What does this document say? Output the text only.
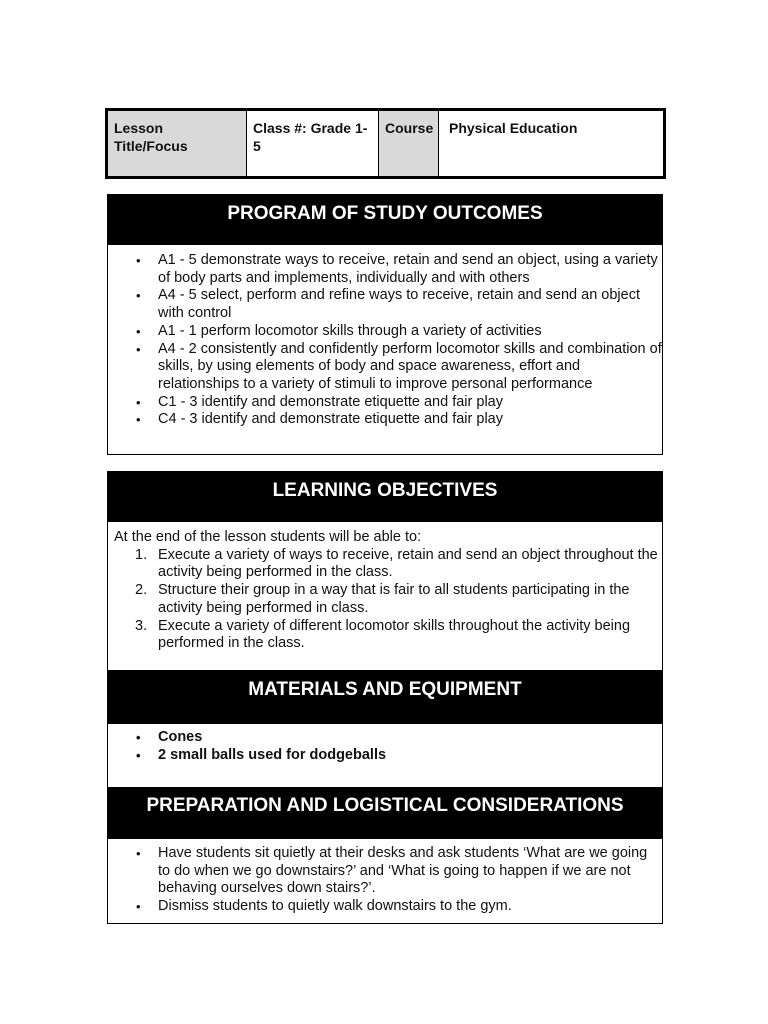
Lesson Title/Focus
Class #: Grade 1-5
Course	Physical Education
PROGRAM OF STUDY OUTCOMES
• A1 - 5 demonstrate ways to receive, retain and send an object, using a variety of body parts and implements, individually and with others
• A4 - 5 select, perform and refine ways to receive, retain and send an object with control
• A1 - 1 perform locomotor skills through a variety of activities
• A4 - 2 consistently and confidently perform locomotor skills and combination of skills, by using elements of body and space awareness, effort and relationships to a variety of stimuli to improve personal performance
• C1 - 3 identify and demonstrate etiquette and fair play
• C4 - 3 identify and demonstrate etiquette and fair play
LEARNING OBJECTIVES
At the end of the lesson students will be able to:
1. Execute a variety of ways to receive, retain and send an object throughout the activity being performed in the class.
2. Structure their group in a way that is fair to all students participating in the activity being performed in class.
3. Execute a variety of different locomotor skills throughout the activity being performed in the class.
MATERIALS AND EQUIPMENT
• Cones
• 2 small balls used for dodgeballs
PREPARATION AND LOGISTICAL CONSIDERATIONS
• Have students sit quietly at their desks and ask students ‘What are we going to do when we go downstairs?’ and ‘What is going to happen if we are not behaving ourselves down stairs?’.
• Dismiss students to quietly walk downstairs to the gym.
